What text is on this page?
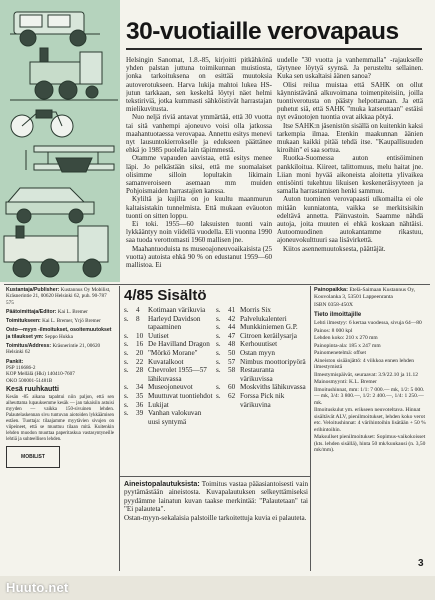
30-vuotiaille verovapaus

Helsingin Sanomat, 1.8.-85, kirjoitti pitkähkönä yhden palstan juttuna toimikunnan muistiosta, jonka tarkoituksena on esittää muutoksia autoverotukseen. Harva lukija mahtoi lukea HS-jutun tarkkaan, sen keskeltä löytyi näet helmi tekstiriviä, jotka kummasti sähköistivät harrastajan mielikuvitusta.

Nuo neljä riviä antavat ymmärtää, että 30 vuotta tai sitä vanhempi ajoneuvo voisi olla jatkossa maahantuotaessa verovapaa. Annettu esitys menevi nyt lausuntokierrokselle ja edukseen päättänee ehkä jo 1985 puolella lain täpimmestä.

Otamme vapauden aavistaa, että esitys menee läpi. Jo pelkästään siksi, että me suomalaiset olisimme silloin lopultakin likimain samanveroiseen asemaan mm muiden Pohjoismaiden harrastajien kanssa.

Kyliltä ja kujilta on jo kuultu maanmurun kaltaisistakin tunnelmista. Että mukaan eväuoton tuonti on sitten loppu.

Ei toki. 1955—60 laksuisten tuonti vain lykkääntyy noin viidellä vuodella. Eli vuonna 1990 saa tuoda verottomasti 1960 mallisen jne.

Maahantuoduista ns museoajoneuvoaikaisista (25 vuotta) autoista ehkä 90 % on edustanut 1959—60 mallistoa. Ei

uudelle "30 vuotta ja vanhemmalla" -rajaukselle täytynee löytyä syynsä. Ja perusteltu sellainen. Kuka sen uskaltaisi äänen sanoa?

Olisi reilua muistaa että SAHK on ollut käynnistävänä alkuvoimana toimenpiteisiin, joilla tuontiverotusta on päästy helpottamaan. Ja että puhetut siä, että SAHK "muka katseuttaan" estäisi nyt eväuotojen tuontia ovat aikkaa pötyä.

Itse SAHK:n jäsenistön sisällä on kuitenkin kaksi tarkempia ilmaa. Etenkin maakunnan äänien mukaan kaikki pitää tehdä itse. "Kaupallisuuden kiroihin" ei saa sortua.

Ruotka-Suomessa auton entisöiminen pankkiloitua. Kiireet, talittomuus, melu haitat jne. Liian moni hyvää aikoneista aloitetta ylivaikea entisöinti tukehtuu likuisen keskeneräisyyteen ja samalla harrastamisen henki sammuu.

Auton tuominen verovapaasti ulkomailta ei ole mitään kunniatonta, vaikka se merkitsisikin edeltävä annetta. Päinvastoin. Saamme nähdä autoja, joita muuten ei ehkä koskaan nähtäisi. Autoomuodinen autokantamme rikastuu, ajoneuvokulttuuri saa lisävirkettä.

Kiitos asennemuutoksesta, päättäjät.

Kustantaja/Publisher: Kustannus Oy Mobilist, Kräsnerintie 21, 00620 Helsinki 62, puh. 90-787 575
Päätoimittaja/Editor: Kai L. Bremer
Toimitukseen: Kai L. Bremer, Yrjö Bremer
Osto—myyn -ilmoitukset, osoitemuutokset ja tilaukset ym: Seppo Hukka
Toimitus/Address: Kräsnerintie 21, 00620 Helsinki 62
Pankit:
PSP 116686-2
KOP Mellälä (Hki) 140410-7607
OKO 500001-51481B
Kesä ruuhkautti
Kesän -85 aikana tapahtui niin paljon, että sen aiheuttama lupauksemme kesäk — jan takaisiin astuisi myyden — vaikka 150-sivuinen lehden. Palautelaskennan sivu tuntuvan aiotoiden lykkäämisen estäen. Tuottaja: tilaajamme myytävien sivujen on viipeineet, että se muuttuu tilaan mitä. Kuitenkin lehden muodon muuttaa paperitaskua vastasyntyneille lehtiä ja suhteellisen lehden.
MOBILIST
4/85 Sisältö
s.	4	Kotimaan värikuvia
s.	8	Harleyd Davidson tapaaminen
s.	10 Uutiset
s.	16 De Havilland Dragon
s.	20 "Mörkö Morane"
s.	22 Kuvatalkoot
s.	28 Chevrolet 1955—57 lähikuvassa
s.	34 Museojoneuvot
s.	35 Muuttuvat tuontiehdot
s.	36 Lukijat
s.	39 Vanhan valokuvan uusi syntymä
s.	41 Morris Six
s.	42 Palvelukalenteri
s.	44 Munkkiniemen G.P.
s.	47 Citroen keräilysarja
s.	48 Kerhouutiset
s.	50 Ostan myyn
s.	57 Nimbus moottoripyörä
s.	58 Restauranta värikuvissa
s.	60 Moskviths lähikuvassa
s.	62 Forssa Pick nik värikuvina
Aineistopalautuksista: Toimitus vastaa pääasiantoisesti vain pyytämästään aineistosta. Kuvapalautuksen selkeyttämiseksi pyydämme lainatun kuvan taakse merkintää: "Palautetaan" tai "Ei palauteta".
Ostan-myyn-sekalaisia palstoille tarkoitettuja kuvia ei palauteta.
Painopaikka: Etelä-Saimaan Kustannus Oy, Kouvolanka 3, 53501 Lappeenranta
ISBN 0358-450X
Tieto ilmoittajille
Lehti ilmestyy: 6 kertaa vuodessa, sivuja 64—80
Painos: 8 000 kpl
Lehden koko: 210 x 270 mm
Painopinta-ala: 185 x 247 mm
Painomenetelmä: offset
Aineiston sisäänjättö: 4 viikkoa ennen lehden ilmestymistä
Ilmestymispäivät, seuraavat: 3.9/22.10 ja 11.12
Mainosmyynti: K.L. Bremer
Ilmoitushinnat, mm: 1/1: 7 000.— mk, 1/2: 5 000.— mk, 3/4: 3 800.—, 1/2: 2 400.—, 1/4: 1 250.— mk.
Ilmoituskulut ym. erikseen neuvoteltava. Hinnat sisältävät ALV, pienilmoitukset, lehden koko verot etc. Veloitushinnat: 4 värihintoihin lisätään + 50 % erihintoihin.
Maksullset pienilmoitukset: Sopimus-vaikokoisset (kts. lehden sisällä), hinta 50 mk/kuukausi (n. 3,50 mk/mm).
3
Huuto.net
